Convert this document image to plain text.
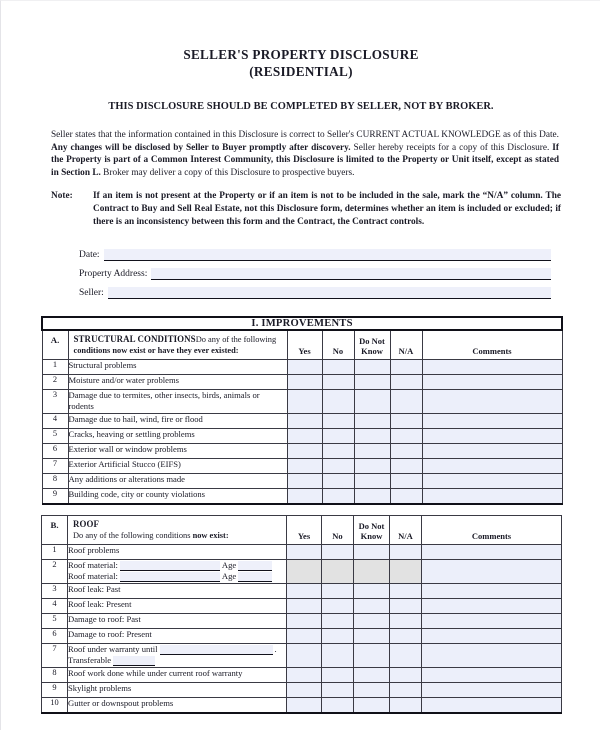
SELLER'S PROPERTY DISCLOSURE
(RESIDENTIAL)
THIS DISCLOSURE SHOULD BE COMPLETED BY SELLER, NOT BY BROKER.
Seller states that the information contained in this Disclosure is correct to Seller's CURRENT ACTUAL KNOWLEDGE as of this Date. Any changes will be disclosed by Seller to Buyer promptly after discovery. Seller hereby receipts for a copy of this Disclosure. If the Property is part of a Common Interest Community, this Disclosure is limited to the Property or Unit itself, except as stated in Section L. Broker may deliver a copy of this Disclosure to prospective buyers.
Note:	If an item is not present at the Property or if an item is not to be included in the sale, mark the “N/A” column. The Contract to Buy and Sell Real Estate, not this Disclosure form, determines whether an item is included or excluded; if there is an inconsistency between this form and the Contract, the Contract controls.
Date:
Property Address:
Seller:
I. IMPROVEMENTS						
A.	STRUCTURAL CONDITIONSDo any of the following conditions now exist or have they ever existed:	Yes	No	Do Not
Know	N/A	Comments
1	Structural problems					
2	Moisture and/or water problems					
3	Damage due to termites, other insects, birds, animals or rodents					
4	Damage due to hail, wind, fire or flood					
5	Cracks, heaving or settling problems					
6	Exterior wall or window problems					
7	Exterior Artificial Stucco (EIFS)					
8	Any additions or alterations made					
9	Building code, city or county violations					
B.	ROOF
Do any of the following conditions now exist:	Yes	No	Do Not
Know	N/A	Comments
1	Roof problems					
2	Roof material: Age
Roof material: Age					

3	Roof leak: Past					
4	Roof leak: Present					
5	Damage to roof: Past					
6	Damage to roof: Present					
7	Roof under warranty until .
Transferable					

8	Roof work done while under current roof warranty					
9	Skylight problems					
10	Gutter or downspout problems					
